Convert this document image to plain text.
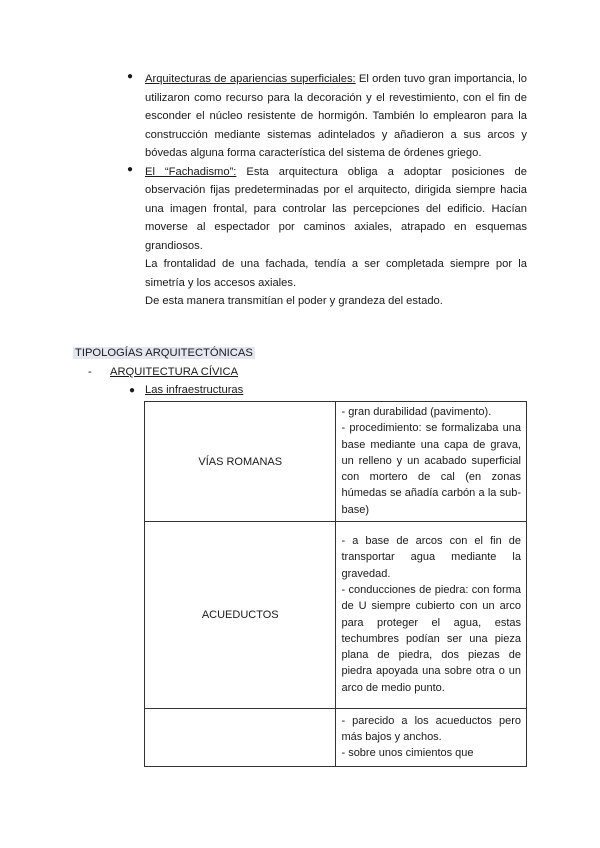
● Arquitecturas de apariencias superficiales: El orden tuvo gran importancia, lo utilizaron como recurso para la decoración y el revestimiento, con el fin de esconder el núcleo resistente de hormigón. También lo emplearon para la construcción mediante sistemas adintelados y añadieron a sus arcos y bóvedas alguna forma característica del sistema de órdenes griego.

● El “Fachadismo”: Esta arquitectura obliga a adoptar posiciones de observación fijas predeterminadas por el arquitecto, dirigida siempre hacia una imagen frontal, para controlar las percepciones del edificio. Hacían moverse al espectador por caminos axiales, atrapado en esquemas grandiosos.

La frontalidad de una fachada, tendía a ser completada siempre por la simetría y los accesos axiales.

De esta manera transmitían el poder y grandeza del estado.

TIPOLOGÍAS ARQUITECTÓNICAS
- ARQUITECTURA CÍVICA
● Las infraestructuras
VÍAS ROMANAS	- gran durabilidad (pavimento).
- procedimiento: se formalizaba una base mediante una capa de grava, un relleno y un acabado superficial con mortero de cal (en zonas húmedas se añadía carbón a la sub-base)

ACUEDUCTOS	- a base de arcos con el fin de transportar agua mediante la gravedad.
- conducciones de piedra: con forma de U siempre cubierto con un arco para proteger el agua, estas techumbres podían ser una pieza plana de piedra, dos piezas de piedra apoyada una sobre otra o un arco de medio punto.

	- parecido a los acueductos pero más bajos y anchos.
- sobre unos cimientos que
